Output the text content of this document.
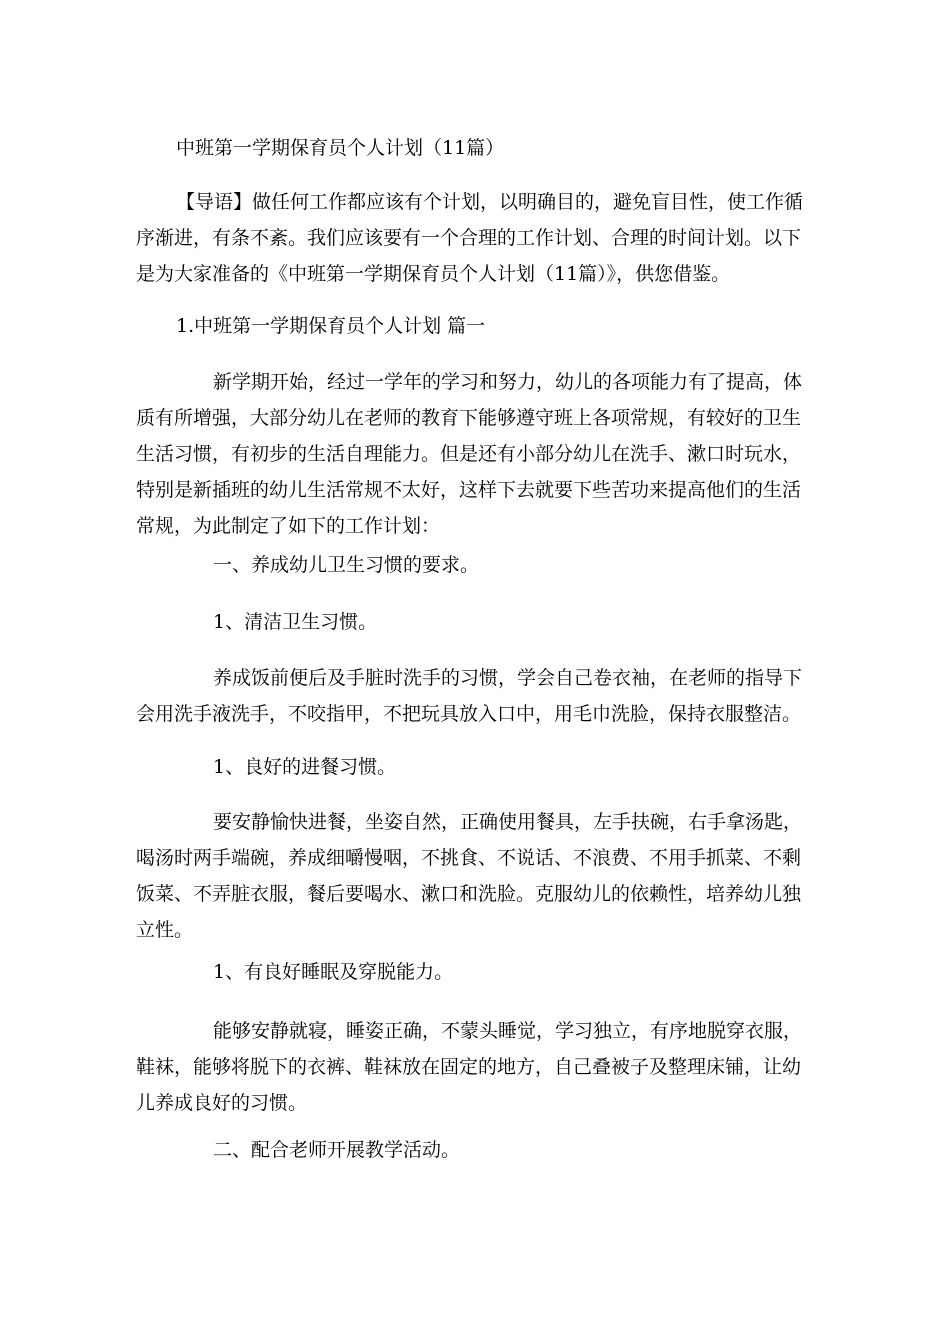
中班第一学期保育员个人计划（11篇）
【导语】做任何工作都应该有个计划，以明确目的，避免盲目性，使工作循
序渐进，有条不紊。我们应该要有一个合理的工作计划、合理的时间计划。以下
是为大家准备的《中班第一学期保育员个人计划（11篇）》，供您借鉴。
1.中班第一学期保育员个人计划 篇一
新学期开始，经过一学年的学习和努力，幼儿的各项能力有了提高，体
质有所增强，大部分幼儿在老师的教育下能够遵守班上各项常规，有较好的卫生
生活习惯，有初步的生活自理能力。但是还有小部分幼儿在洗手、漱口时玩水，
特别是新插班的幼儿生活常规不太好，这样下去就要下些苦功来提高他们的生活
常规，为此制定了如下的工作计划：
一、养成幼儿卫生习惯的要求。
1、清洁卫生习惯。
养成饭前便后及手脏时洗手的习惯，学会自己卷衣袖，在老师的指导下
会用洗手液洗手，不咬指甲，不把玩具放入口中，用毛巾洗脸，保持衣服整洁。
1、良好的进餐习惯。
要安静愉快进餐，坐姿自然，正确使用餐具，左手扶碗，右手拿汤匙，
喝汤时两手端碗，养成细嚼慢咽，不挑食、不说话、不浪费、不用手抓菜、不剩
饭菜、不弄脏衣服，餐后要喝水、漱口和洗脸。克服幼儿的依赖性，培养幼儿独
立性。
1、有良好睡眠及穿脱能力。
能够安静就寝，睡姿正确，不蒙头睡觉，学习独立，有序地脱穿衣服，
鞋袜，能够将脱下的衣裤、鞋袜放在固定的地方，自己叠被子及整理床铺，让幼
儿养成良好的习惯。
二、配合老师开展教学活动。
